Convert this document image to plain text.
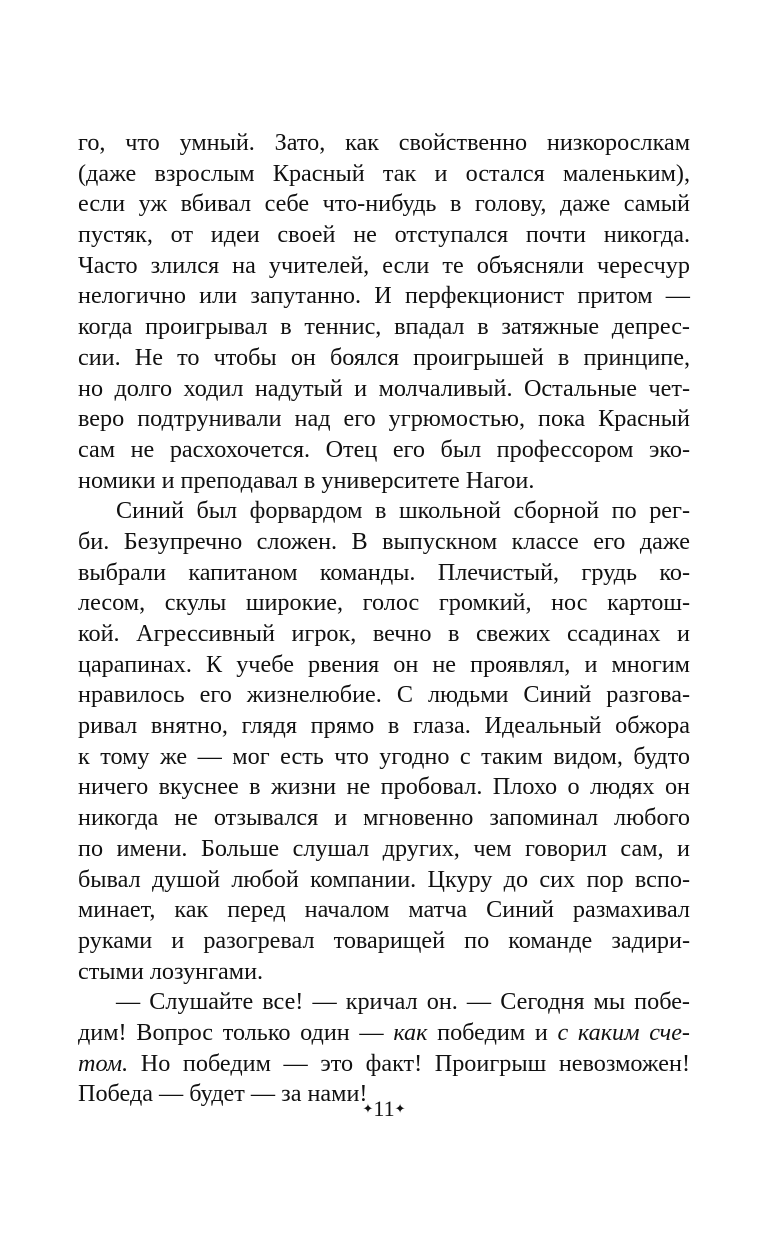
го, что умный. Зато, как свойственно низкорослкам
(даже взрослым Красный так и остался маленьким),
если уж вбивал себе что-нибудь в голову, даже самый
пустяк, от идеи своей не отступался почти никогда.
Часто злился на учителей, если те объясняли чересчур
нелогично или запутанно. И перфекционист притом —
когда проигрывал в теннис, впадал в затяжные депрес-
сии. Не то чтобы он боялся проигрышей в принципе,
но долго ходил надутый и молчаливый. Остальные чет-
веро подтрунивали над его угрюмостью, пока Красный
сам не расхохочется. Отец его был профессором эко-
номики и преподавал в университете Нагои.
Синий был форвардом в школьной сборной по рег-
би. Безупречно сложен. В выпускном классе его даже
выбрали капитаном команды. Плечистый, грудь ко-
лесом, скулы широкие, голос громкий, нос картош-
кой. Агрессивный игрок, вечно в свежих ссадинах и
царапинах. К учебе рвения он не проявлял, и многим
нравилось его жизнелюбие. С людьми Синий разгова-
ривал внятно, глядя прямо в глаза. Идеальный обжора
к тому же — мог есть что угодно с таким видом, будто
ничего вкуснее в жизни не пробовал. Плохо о людях он
никогда не отзывался и мгновенно запоминал любого
по имени. Больше слушал других, чем говорил сам, и
бывал душой любой компании. Цкуру до сих пор вспо-
минает, как перед началом матча Синий размахивал
руками и разогревал товарищей по команде задири-
стыми лозунгами.
— Слушайте все! — кричал он. — Сегодня мы побе-
дим! Вопрос только один — как победим и с каким сче-
том. Но победим — это факт! Проигрыш невозможен!
Победа — будет — за нами!
✦11✦
